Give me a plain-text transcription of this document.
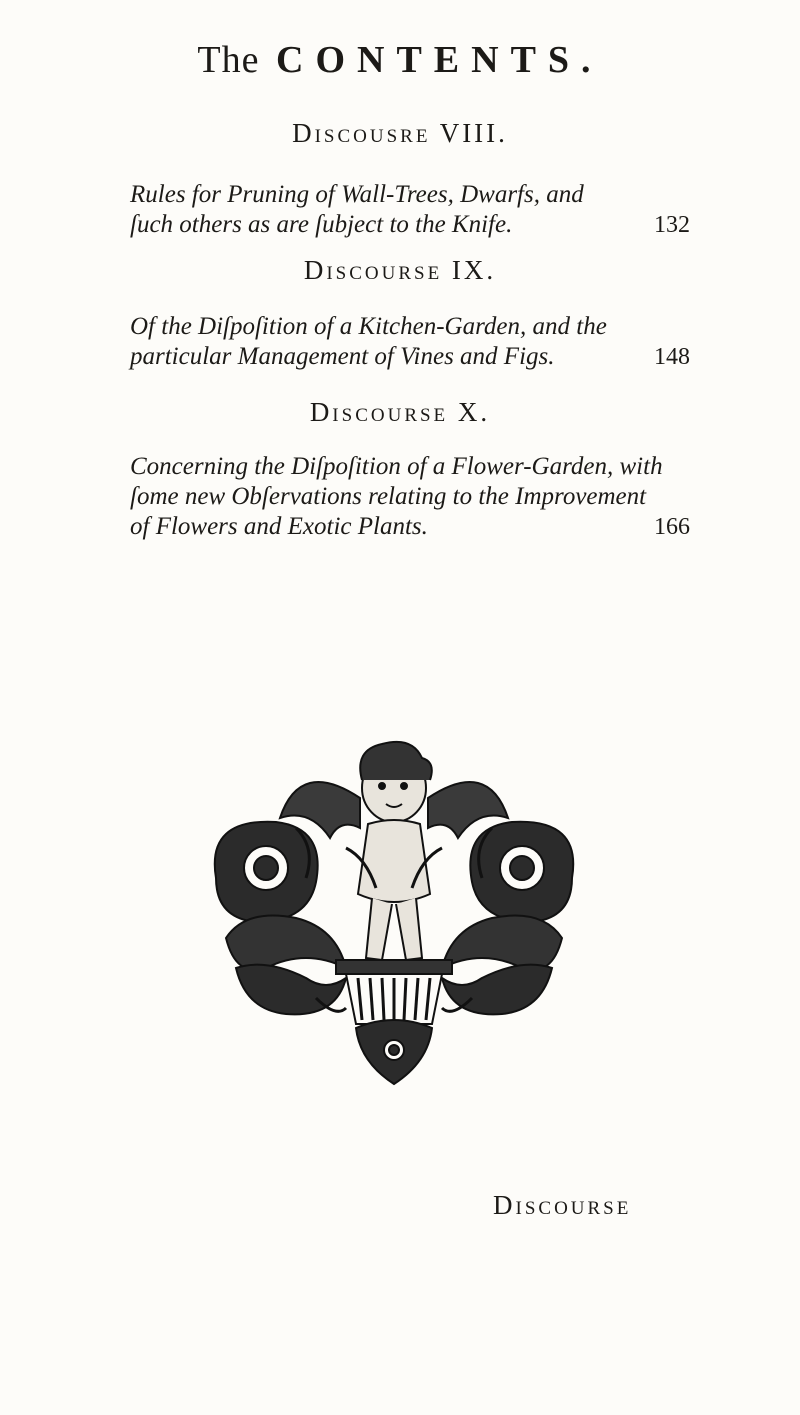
The CONTENTS.
Discousre VIII.
Rules for Pruning of Wall-Trees, Dwarfs, and
ſuch others as are ſubject to the Knife.	132
Discourse IX.
Of the Diſpoſition of a Kitchen-Garden, and the
particular Management of Vines and Figs.	148
Discourse X.
Concerning the Diſpoſition of a Flower-Garden, with
ſome new Obſervations relating to the Improvement
of Flowers and Exotic Plants.	166
Discourse
